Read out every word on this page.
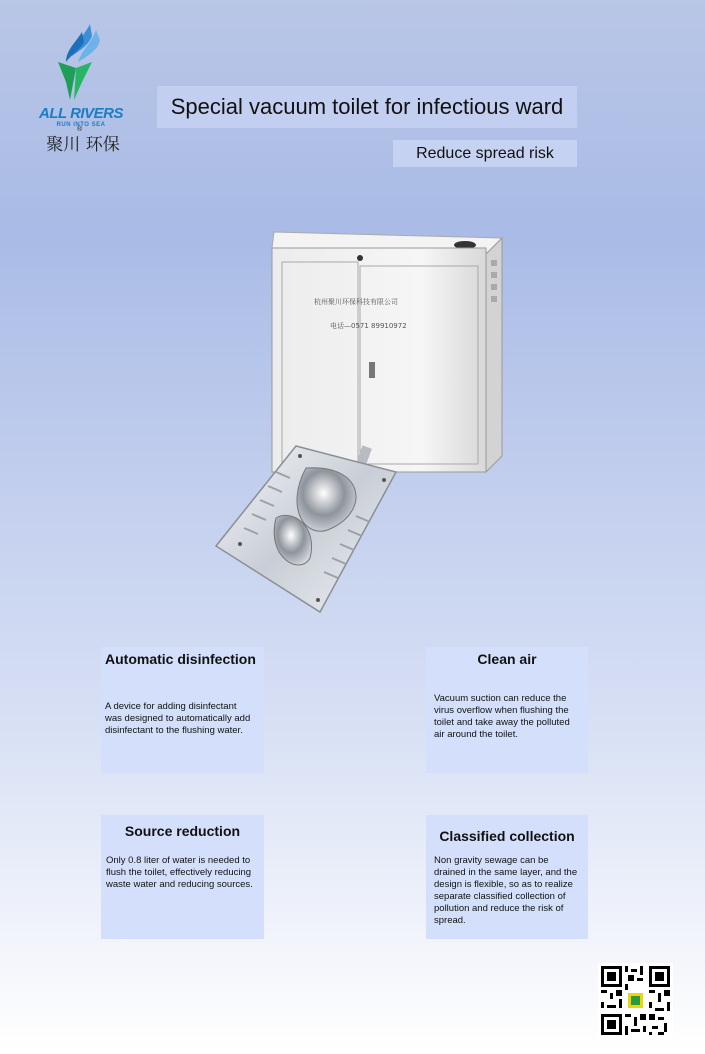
ALL RIVERS
RUN INTO SEA
聚川 环保
®
Special vacuum toilet for infectious ward
Reduce spread risk
杭州聚川环保科技有限公司
电话—0571 89910972
Automatic disinfection

A device for adding disinfectant was designed to automatically add disinfectant to the flushing water.

Clean air

Vacuum suction can reduce the virus overflow when flushing the toilet and take away the polluted air around the toilet.

Source reduction

Only 0.8 liter of water is needed to flush the toilet, effectively reducing waste water and reducing sources.

Classified collection

Non gravity sewage can be drained in the same layer, and the design is flexible, so as to realize separate classified collection of pollution and reduce the risk of spread.
